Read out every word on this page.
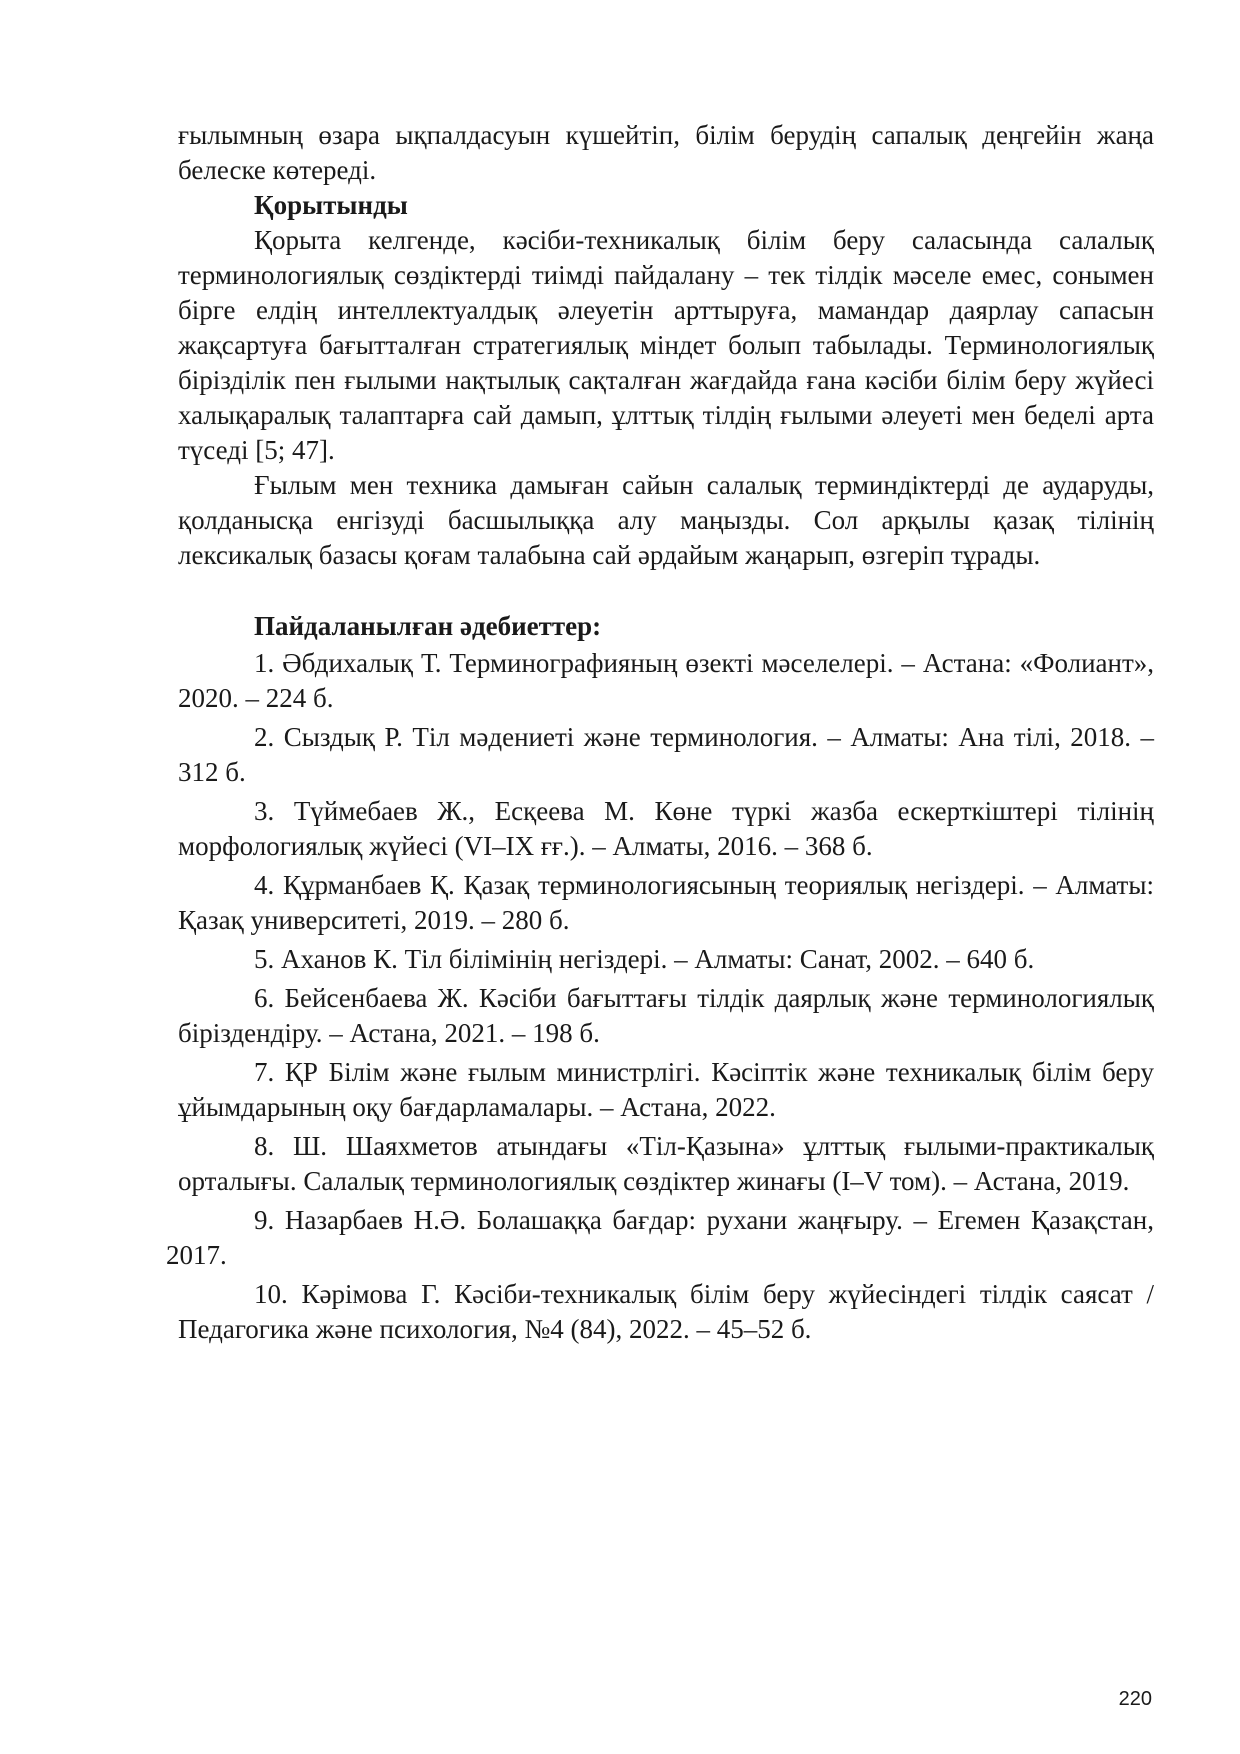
ғылымның өзара ықпалдасуын күшейтіп, білім берудің сапалық деңгейін жаңа белеске көтереді.

Қорытынды

Қорыта келгенде, кәсіби-техникалық білім беру саласында салалық терминологиялық сөздіктерді тиімді пайдалану – тек тілдік мәселе емес, сонымен бірге елдің интеллектуалдық әлеуетін арттыруға, мамандар даярлау сапасын жақсартуға бағытталған стратегиялық міндет болып табылады. Терминологиялық бірізділік пен ғылыми нақтылық сақталған жағдайда ғана кәсіби білім беру жүйесі халықаралық талаптарға сай дамып, ұлттық тілдің ғылыми әлеуеті мен беделі арта түседі [5; 47].

Ғылым мен техника дамыған сайын салалық терминдіктерді де аударуды, қолданысқа енгізуді басшылыққа алу маңызды. Сол арқылы қазақ тілінің лексикалық базасы қоғам талабына сай әрдайым жаңарып, өзгеріп тұрады.

Пайдаланылған әдебиеттер:

1. Әбдихалық Т. Терминографияның өзекті мәселелері. – Астана: «Фолиант», 2020. – 224 б.

2. Сыздық Р. Тіл мәдениеті және терминология. – Алматы: Ана тілі, 2018. – 312 б.

3. Түймебаев Ж., Есқеева М. Көне түркі жазба ескерткіштері тілінің морфологиялық жүйесі (VI–IX ғғ.). – Алматы, 2016. – 368 б.

4. Құрманбаев Қ. Қазақ терминологиясының теориялық негіздері. – Алматы: Қазақ университеті, 2019. – 280 б.

5. Аханов К. Тіл білімінің негіздері. – Алматы: Санат, 2002. – 640 б.

6. Бейсенбаева Ж. Кәсіби бағыттағы тілдік даярлық және терминологиялық біріздендіру. – Астана, 2021. – 198 б.

7. ҚР Білім және ғылым министрлігі. Кәсіптік және техникалық білім беру ұйымдарының оқу бағдарламалары. – Астана, 2022.

8. Ш. Шаяхметов атындағы «Тіл-Қазына» ұлттық ғылыми-практикалық орталығы. Салалық терминологиялық сөздіктер жинағы (I–V том). – Астана, 2019.

9. Назарбаев Н.Ә. Болашаққа бағдар: рухани жаңғыру. – Егемен Қазақстан, 2017.

10. Кәрімова Г. Кәсіби-техникалық білім беру жүйесіндегі тілдік саясат / Педагогика және психология, №4 (84), 2022. – 45–52 б.

220
